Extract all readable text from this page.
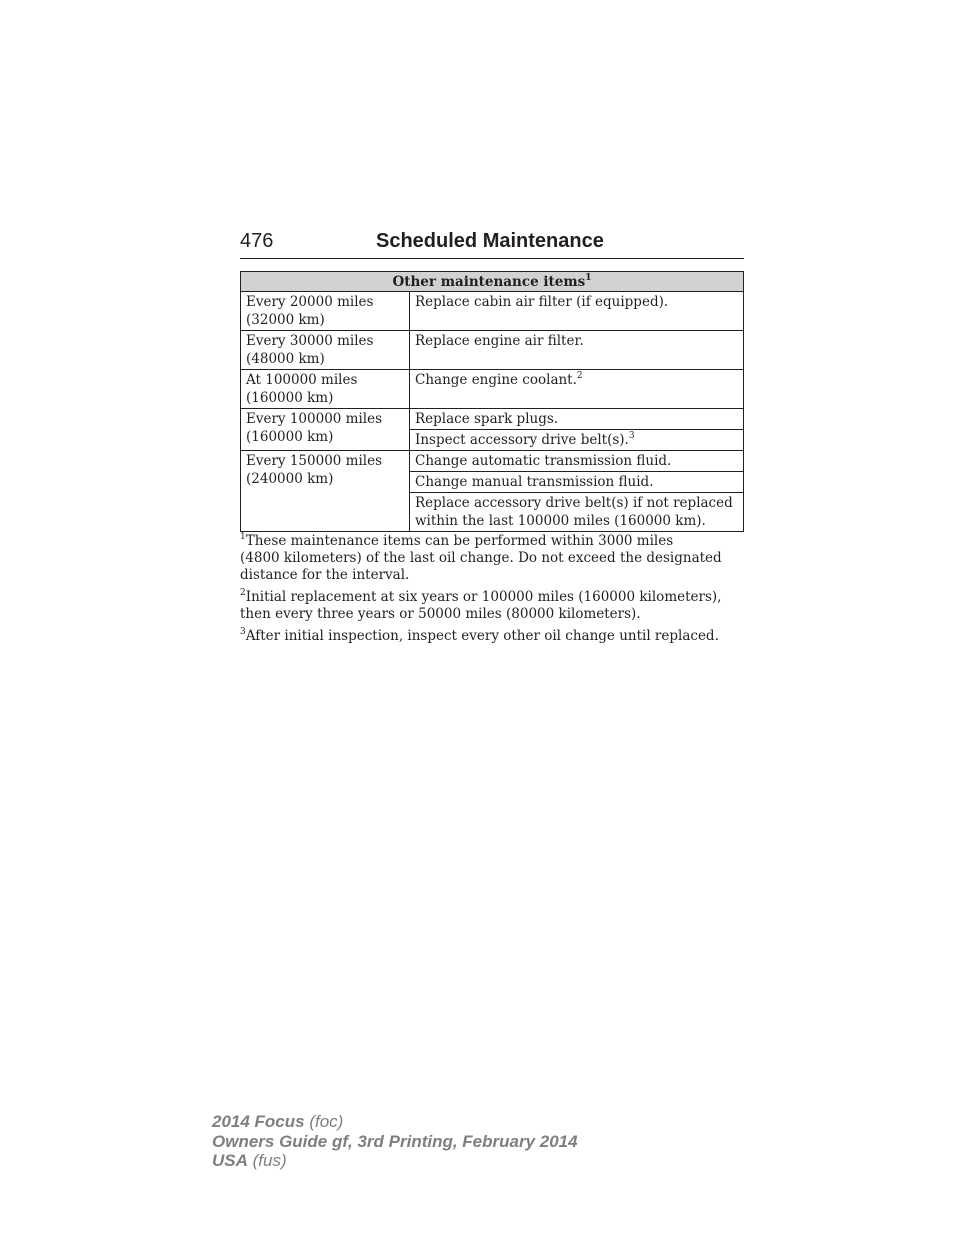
476	Scheduled Maintenance
Other maintenance items$^1$
Every 20000 miles
(32000 km)	Replace cabin air filter (if equipped).
Every 30000 miles
(48000 km)	Replace engine air filter.
At 100000 miles
(160000 km)	Change engine coolant.$^2$
Every 100000 miles
(160000 km)	Replace spark plugs.
	Inspect accessory drive belt(s).$^3$
Every 150000 miles
(240000 km)	Change automatic transmission fluid.
	Change manual transmission fluid.
	Replace accessory drive belt(s) if not replaced within the last 100000 miles (160000 km).
$^1$These maintenance items can be performed within 3000 miles
(4800 kilometers) of the last oil change. Do not exceed the designated
distance for the interval.
$^2$Initial replacement at six years or 100000 miles (160000 kilometers),
then every three years or 50000 miles (80000 kilometers).
$^3$After initial inspection, inspect every other oil change until replaced.
2014 Focus (foc)
Owners Guide gf, 3rd Printing, February 2014
USA (fus)
